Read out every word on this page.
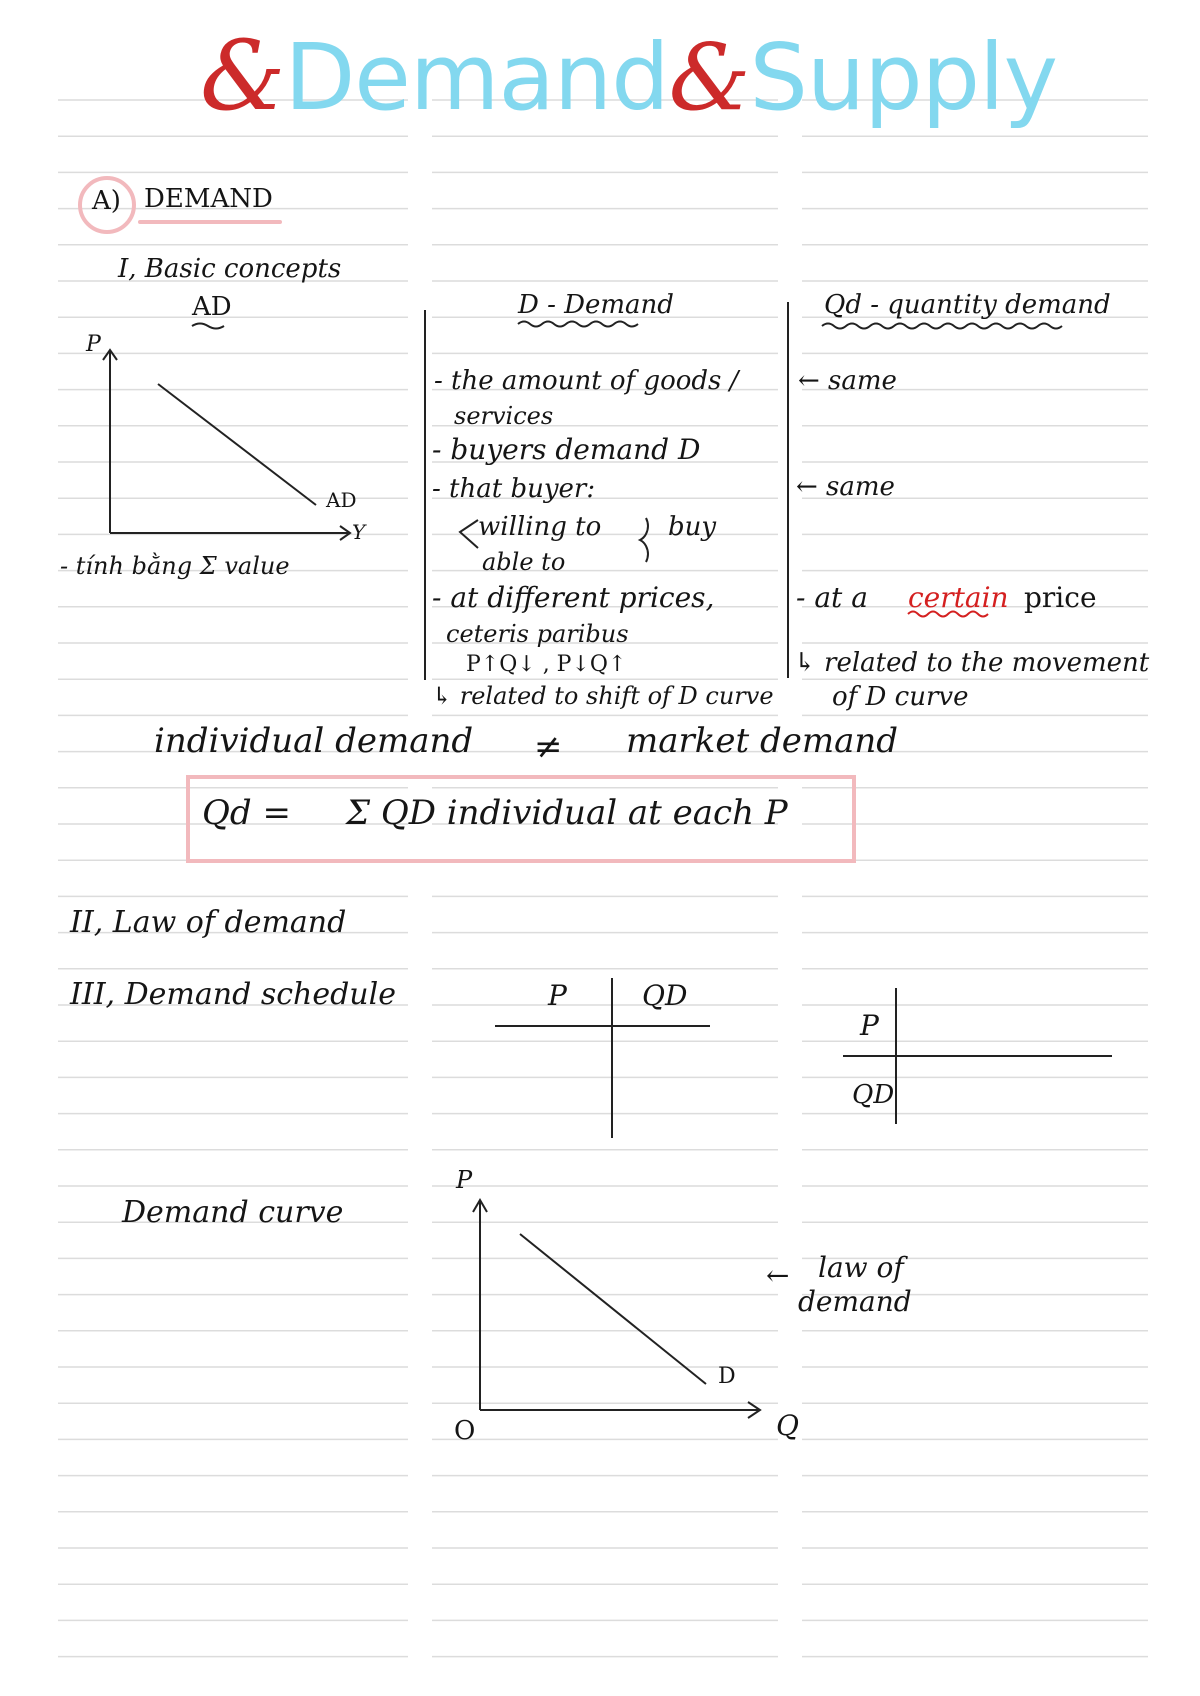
&Demand&Supply
A) DEMAND
I, Basic concepts
AD
P
Y
AD
- tính bằng Σ value
D - Demand
- the amount of goods /
services
- buyers demand D
- that buyer:
willing to
able to
buy
- at different prices,
ceteris paribus
P↑Q↓ , P↓Q↑
↳ related to shift of D curve
Qd - quantity demand
← same
← same
- at a certain price
↳ related to the movement
of D curve
individual demand ≠ market demand
Qd = Σ QD individual at each P
II, Law of demand
III, Demand schedule	P	QD
P
QD
Demand curve
P
Q
O
D
← law of
demand
